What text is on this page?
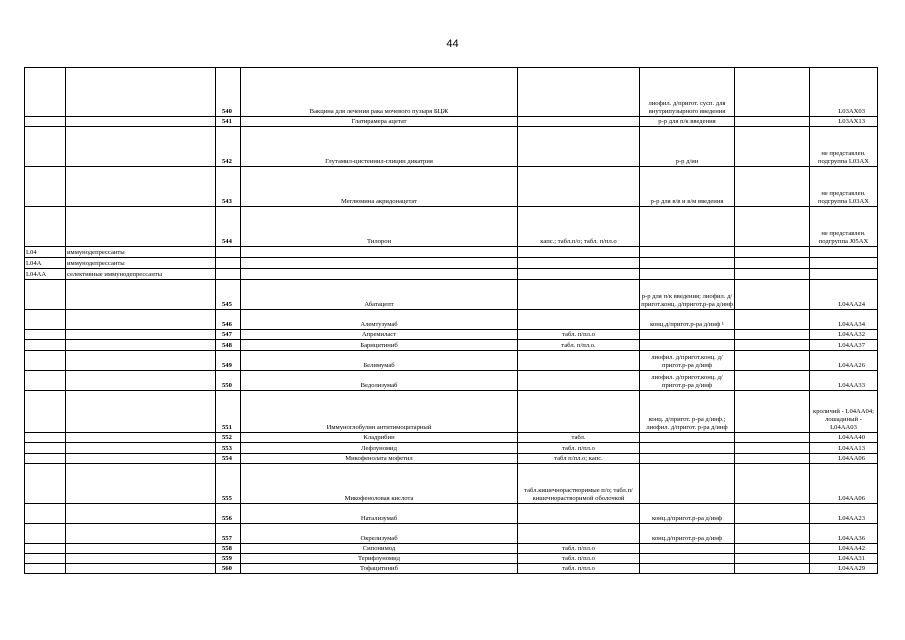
44
		540	Вакцина для лечения рака мочевого пузыря БЦЖ		лиофил. д/пригот. сусп. для внутрипузырного введения		L03AX03
		541	Глатирамера ацетат		р-р для п/к введения		L03AX13
		542	Глутамил-цистеинил-глицин дикатрия		р-р д/ин		не представлен. подгруппа L03AX
		543	Меглюмина акридонацетат		р-р для в/в и в/м введения		не представлен. подгруппа L03AX
		544	Тилорон	капс.; табл.п/о; табл. п/пл.о			не представлен. подгруппа J05AX
L04	иммунодепрессанты						
L04A	иммунодепрессанты						
L04AA	селективные иммунодепрессанты						
		545	Абатацепт		р-р для п/к введения; лиофил. д/пригот.конц. д/пригот.р-ра д/инф		L04AA24
		546	Алемтузумаб		конц.д/пригот.р-ра д/инф ¹		L04AA34
		547	Апремиласт	табл. п/пл.о			L04AA32
		548	Барицитиниб	табл. п/пл.о.			L04AA37
		549	Белимумаб		лиофил. д/пригот.конц. д/пригот.р-ра д/инф		L04AA26
		550	Ведолизумаб		лиофил. д/пригот.конц. д/пригот.р-ра д/инф		L04AA33
		551	Иммуноглобулин антитимоцитарный		конц. д/пригот. р-ра д/инф.; лиофил. д/пригот. р-ра д/инф		кроличий - L04AA04; лошадиный - L04AA03
		552	Кладрибин	табл.			L04AA40
		553	Лефлуномид	табл. п/пл.о			L04AA13
		554	Микофенолата мофетил	табл п/пл.о; капс.			L04AA06
		555	Микофеноловая кислота	табл.кишечнорастворимые п/о; табл.п/кишечнорастворимой оболочкой			L04AA06
		556	Натализумаб		конц.д/пригот.р-ра д/инф		L04AA23
		557	Окрелизумаб		конц.д/пригот.р-ра д/инф		L04AA36
		558	Сипонимод	табл. п/пл.о			L04AA42
		559	Терифлуномид	табл. п/пл.о			L04AA31
		560	Тофацитиниб	табл. п/пл.о			L04AA29
